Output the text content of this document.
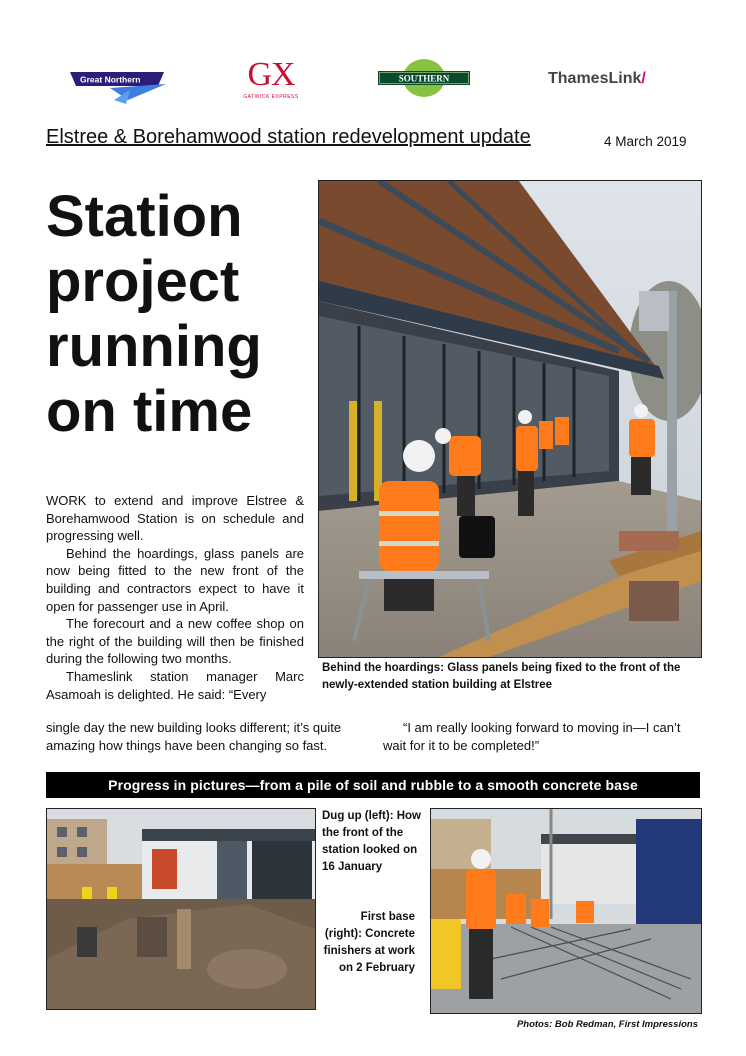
Great Northern	GX
GATWICK EXPRESS
SOUTHERN	ThamesLink/
Elstree & Borehamwood station redevelopment update	4 March 2019
Station project running on time
Behind the hoardings: Glass panels being fixed to the front of the newly-extended station building at Elstree

WORK to extend and improve Elstree & Borehamwood Station is on schedule and progressing well.

Behind the hoardings, glass panels are now being fitted to the new front of the building and contractors expect to have it open for passenger use in April.

The forecourt and a new coffee shop on the right of the building will then be finished during the following two months.

Thameslink station manager Marc Asamoah is delighted. He said: “Every

single day the new building looks different; it’s quite amazing how things have been changing so fast.
“I am really looking forward to moving in—I can’t wait for it to be completed!”
Progress in pictures—from a pile of soil and rubble to a smooth concrete base
Dug up (left): How the front of the station looked on 16 January
First base (right): Concrete finishers at work on 2 February
Photos: Bob Redman, First Impressions
